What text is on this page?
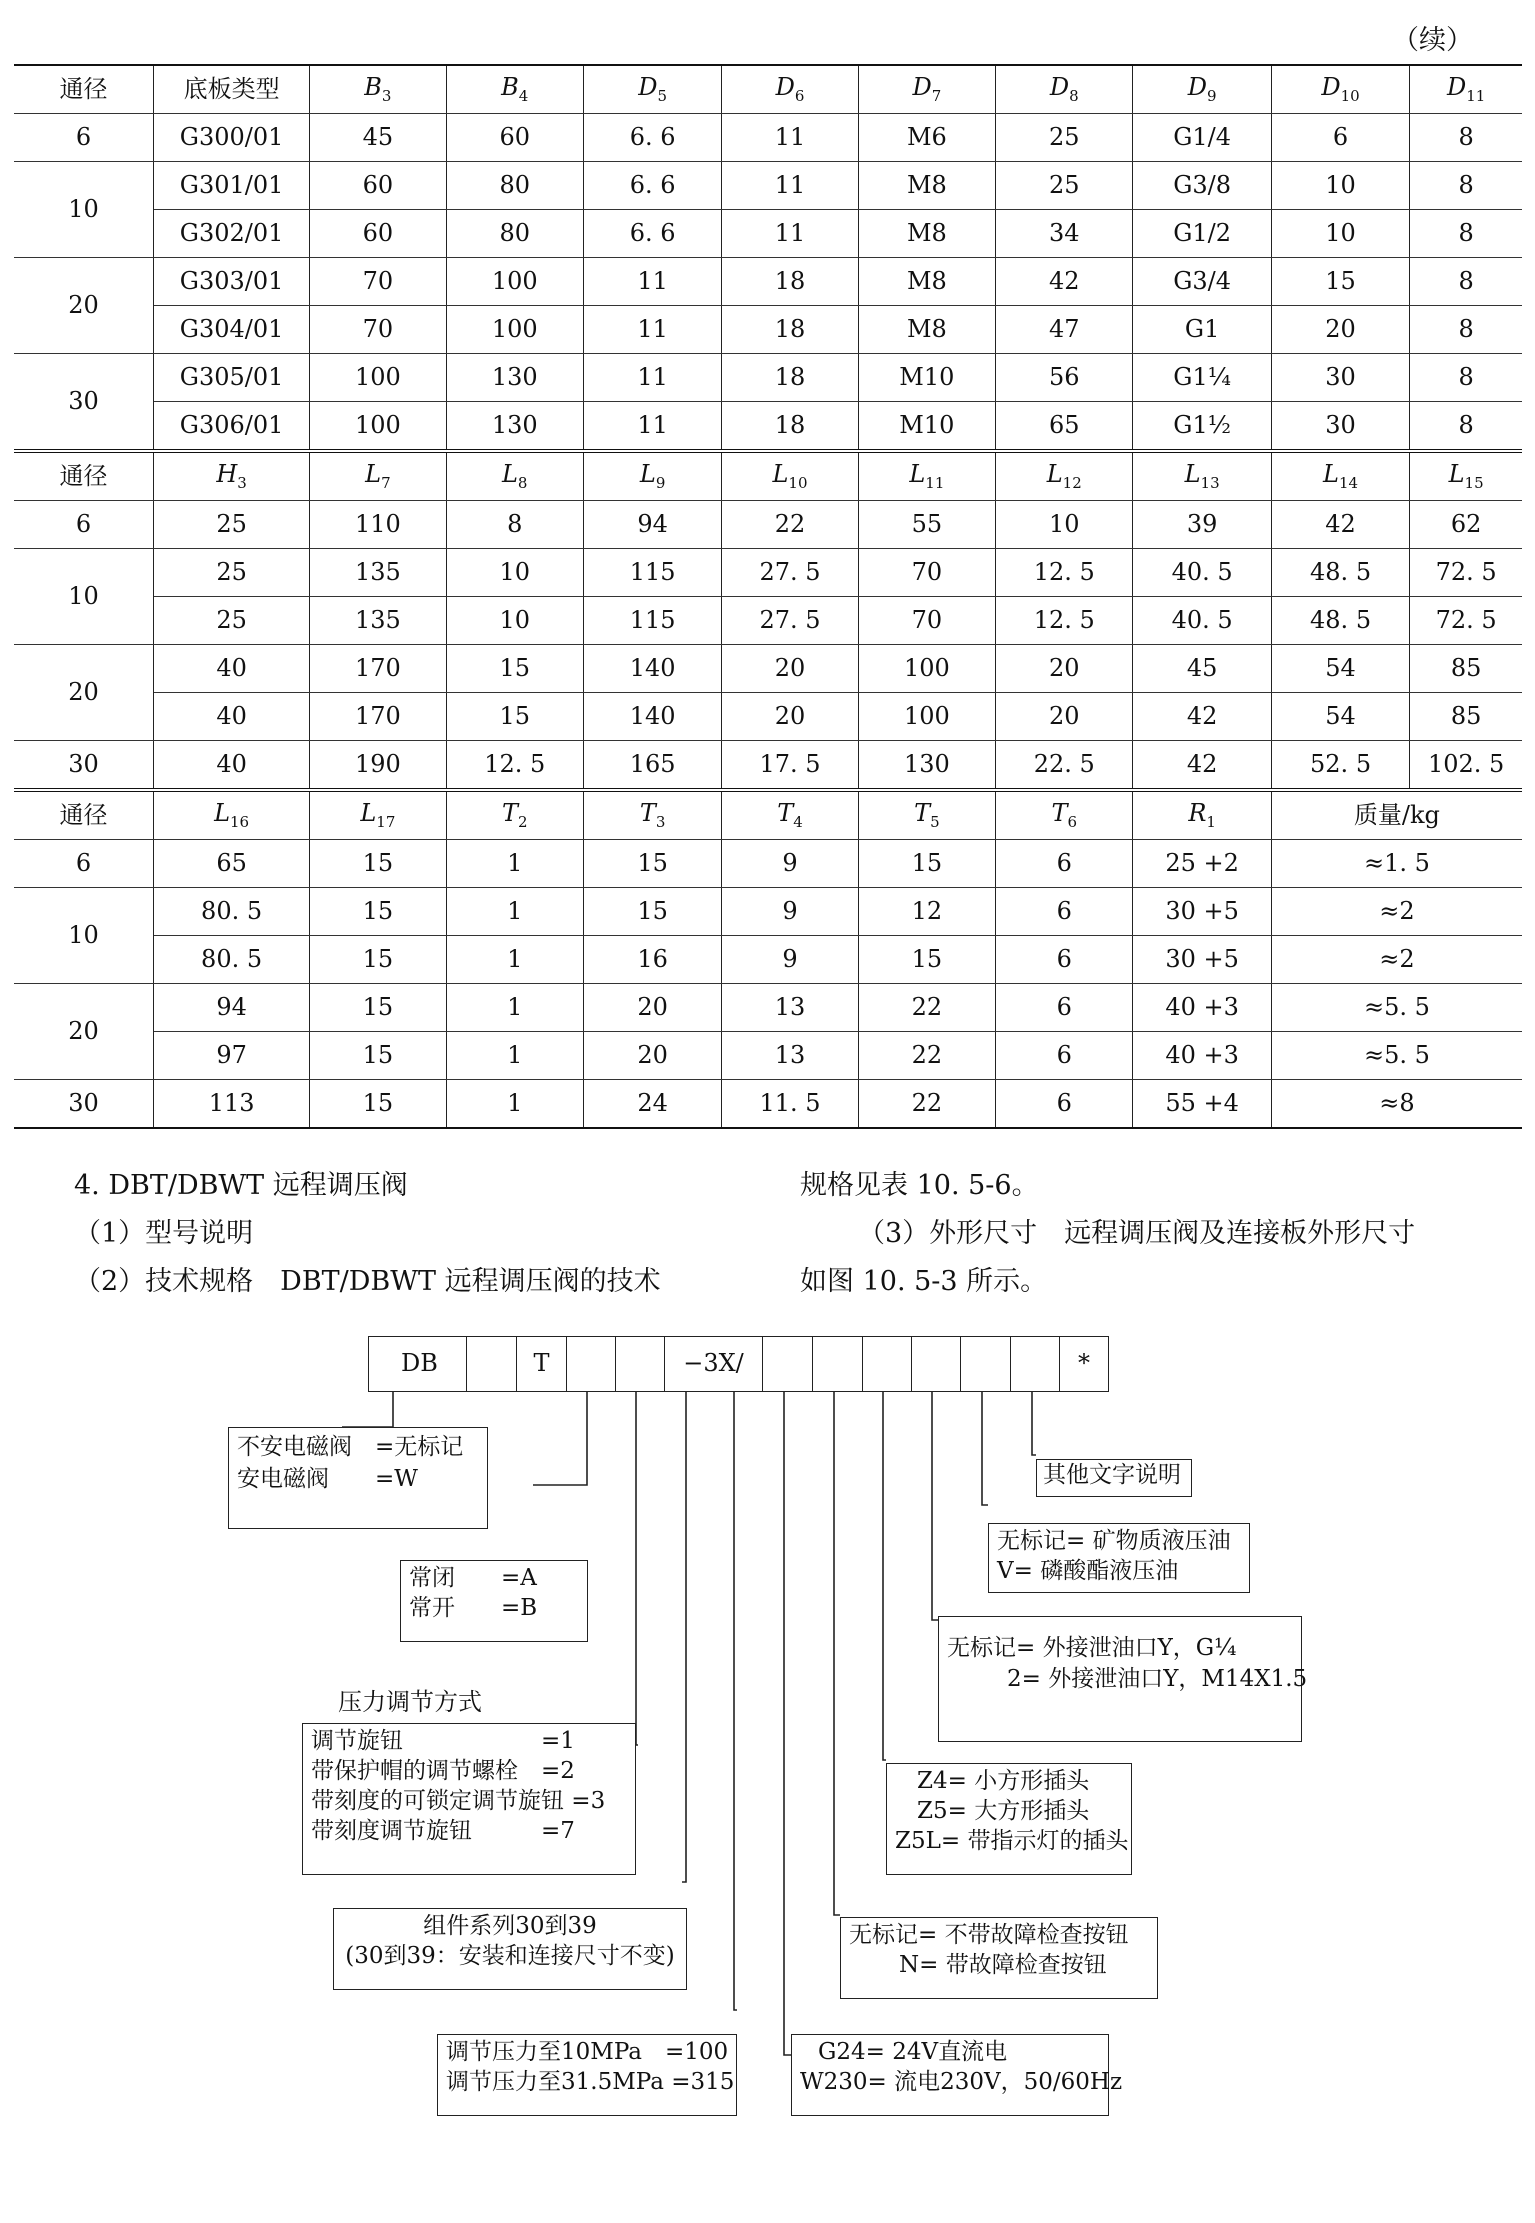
（续）
通径	底板类型	$B_3$	$B_4$	$D_5$	$D_6$	$D_7$	$D_8$	$D_9$	$D_{10}$	$D_{11}$
6	G300/01	45	60	6. 6	11	M6	25	G1/4	6	8
10	G301/01	60	80	6. 6	11	M8	25	G3/8	10	8
	G302/01	60	80	6. 6	11	M8	34	G1/2	10	8
20	G303/01	70	100	11	18	M8	42	G3/4	15	8
	G304/01	70	100	11	18	M8	47	G1	20	8
30	G305/01	100	130	11	18	M10	56	G1¼	30	8
	G306/01	100	130	11	18	M10	65	G1½	30	8
通径	$H_3$	$L_7$	$L_8$	$L_9$	$L_{10}$	$L_{11}$	$L_{12}$	$L_{13}$	$L_{14}$	$L_{15}$
6	25	110	8	94	22	55	10	39	42	62
10	25	135	10	115	27. 5	70	12. 5	40. 5	48. 5	72. 5
	25	135	10	115	27. 5	70	12. 5	40. 5	48. 5	72. 5
20	40	170	15	140	20	100	20	45	54	85
	40	170	15	140	20	100	20	42	54	85
30	40	190	12. 5	165	17. 5	130	22. 5	42	52. 5	102. 5
通径	$L_{16}$	$L_{17}$	$T_2$	$T_3$	$T_4$	$T_5$	$T_6$	$R_1$	质量/kg	
6	65	15	1	15	9	15	6	25 +2	≈1. 5	
10	80. 5	15	1	15	9	12	6	30 +5	≈2	
	80. 5	15	1	16	9	15	6	30 +5	≈2	
20	94	15	1	20	13	22	6	40 +3	≈5. 5	
	97	15	1	20	13	22	6	40 +3	≈5. 5	
30	113	15	1	24	11. 5	22	6	55 +4	≈8	
4. DBT/DBWT 远程调压阀
（1）型号说明
（2）技术规格　DBT/DBWT 远程调压阀的技术
规格见表 10. 5-6。
（3）外形尺寸　远程调压阀及连接板外形尺寸
如图 10. 5-3 所示。
DB	T	−3X/	*
不安电磁阀　=无标记
安电磁阀　　=W
常闭　　=A
常开　　=B
压力调节方式
调节旋钮　　　　　　=1
带保护帽的调节螺栓　=2
带刻度的可锁定调节旋钮 =3
带刻度调节旋钮　　　=7
组件系列30到39
(30到39：安装和连接尺寸不变)
调节压力至10MPa　=100
调节压力至31.5MPa =315
其他文字说明
无标记= 矿物质液压油
V= 磷酸酯液压油
无标记= 外接泄油口Y，G¼
2= 外接泄油口Y，M14X1.5
Z4= 小方形插头
Z5= 大方形插头
Z5L= 带指示灯的插头
无标记= 不带故障检查按钮
N= 带故障检查按钮
G24= 24V直流电
W230= 流电230V，50/60Hz
